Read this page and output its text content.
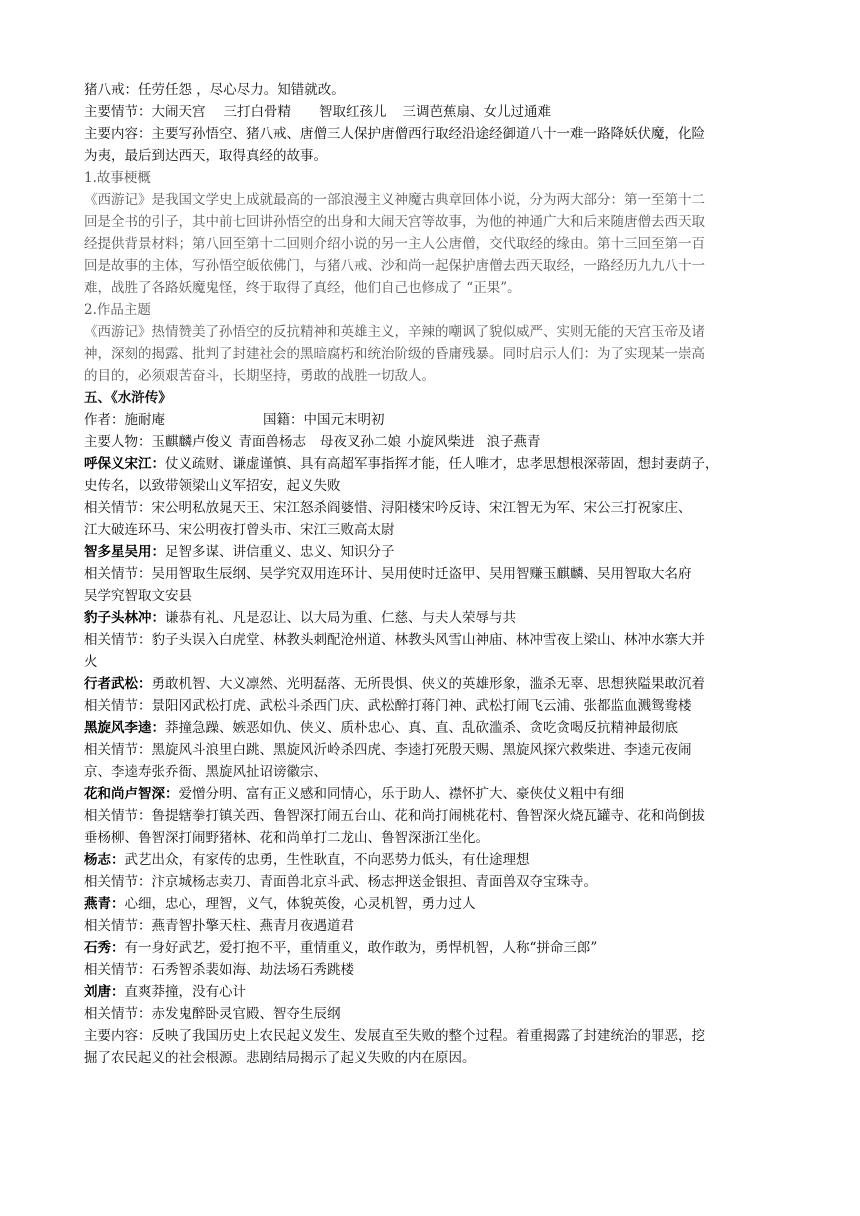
猪八戒：任劳任怨 ，尽心尽力。知错就改。
主要情节：大闹天宫 三打白骨精 智取红孩儿 三调芭蕉扇、女儿过通难
主要内容：主要写孙悟空、猪八戒、唐僧三人保护唐僧西行取经沿途经御道八十一难一路降妖伏魔，化险
为夷，最后到达西天，取得真经的故事。
1.故事梗概
《西游记》是我国文学史上成就最高的一部浪漫主义神魔古典章回体小说，分为两大部分：第一至第十二
回是全书的引子，其中前七回讲孙悟空的出身和大闹天宫等故事，为他的神通广大和后来随唐僧去西天取
经提供背景材料；第八回至第十二回则介绍小说的另一主人公唐僧，交代取经的缘由。第十三回至第一百
回是故事的主体，写孙悟空皈依佛门，与猪八戒、沙和尚一起保护唐僧去西天取经，一路经历九九八十一
难，战胜了各路妖魔鬼怪，终于取得了真经，他们自己也修成了 “正果”。
2.作品主题
《西游记》热情赞美了孙悟空的反抗精神和英雄主义，辛辣的嘲讽了貌似威严、实则无能的天宫玉帝及诸
神，深刻的揭露、批判了封建社会的黑暗腐朽和统治阶级的昏庸残暴。同时启示人们：为了实现某一崇高
的目的，必须艰苦奋斗，长期坚持，勇敢的战胜一切敌人。
五、《水浒传》
作者：施耐庵	国籍：中国元末明初
主要人物：玉麒麟卢俊义 青面兽杨志 母夜叉孙二娘 小旋风柴进 浪子燕青
呼保义宋江：仗义疏财、谦虚谨慎、具有高超军事指挥才能，任人唯才，忠孝思想根深蒂固，想封妻荫子，
史传名，以致带领梁山义军招安，起义失败
相关情节：宋公明私放晁天王、宋江怒杀阎婆惜、浔阳楼宋吟反诗、宋江智无为军、宋公三打祝家庄、
江大破连环马、宋公明夜打曾头市、宋江三败高太尉
智多星吴用：足智多谋、讲信重义、忠义、知识分子
相关情节：吴用智取生辰纲、吴学究双用连环计、吴用使时迁盗甲、吴用智赚玉麒麟、吴用智取大名府
吴学究智取文安县
豹子头林冲：谦恭有礼、凡是忍让、以大局为重、仁慈、与夫人荣辱与共
相关情节：豹子头误入白虎堂、林教头刺配沧州道、林教头风雪山神庙、林冲雪夜上梁山、林冲水寨大并
火
行者武松：勇敢机智、大义凛然、光明磊落、无所畏惧、侠义的英雄形象，滥杀无辜、思想狭隘果敢沉着
相关情节：景阳冈武松打虎、武松斗杀西门庆、武松醉打蒋门神、武松打闹飞云浦、张都监血溅鸳鸯楼
黑旋风李逵：莽撞急躁、嫉恶如仇、侠义、质朴忠心、真、直、乱砍滥杀、贪吃贪喝反抗精神最彻底
相关情节：黑旋风斗浪里白跳、黑旋风沂岭杀四虎、李逵打死殷天赐、黑旋风探穴救柴进、李逵元夜闹
京、李逵寿张乔衙、黑旋风扯诏谤徽宗、
花和尚卢智深：爱憎分明、富有正义感和同情心，乐于助人、襟怀扩大、豪侠仗义粗中有细
相关情节：鲁提辖拳打镇关西、鲁智深打闹五台山、花和尚打闹桃花村、鲁智深火烧瓦罐寺、花和尚倒拔
垂杨柳、鲁智深打闹野猪林、花和尚单打二龙山、鲁智深浙江坐化。
杨志：武艺出众，有家传的忠勇，生性耿直，不向恶势力低头，有仕途理想
相关情节：汴京城杨志卖刀、青面兽北京斗武、杨志押送金银担、青面兽双夺宝珠寺。
燕青：心细，忠心，理智，义气，体貌英俊，心灵机智，勇力过人
相关情节：燕青智扑擎天柱、燕青月夜遇道君
石秀：有一身好武艺，爱打抱不平，重情重义，敢作敢为，勇悍机智，人称“拼命三郎”
相关情节：石秀智杀裴如海、劫法场石秀跳楼
刘唐：直爽莽撞，没有心计
相关情节：赤发鬼醉卧灵官殿、智夺生辰纲
主要内容：反映了我国历史上农民起义发生、发展直至失败的整个过程。着重揭露了封建统治的罪恶，挖
掘了农民起义的社会根源。悲剧结局揭示了起义失败的内在原因。
